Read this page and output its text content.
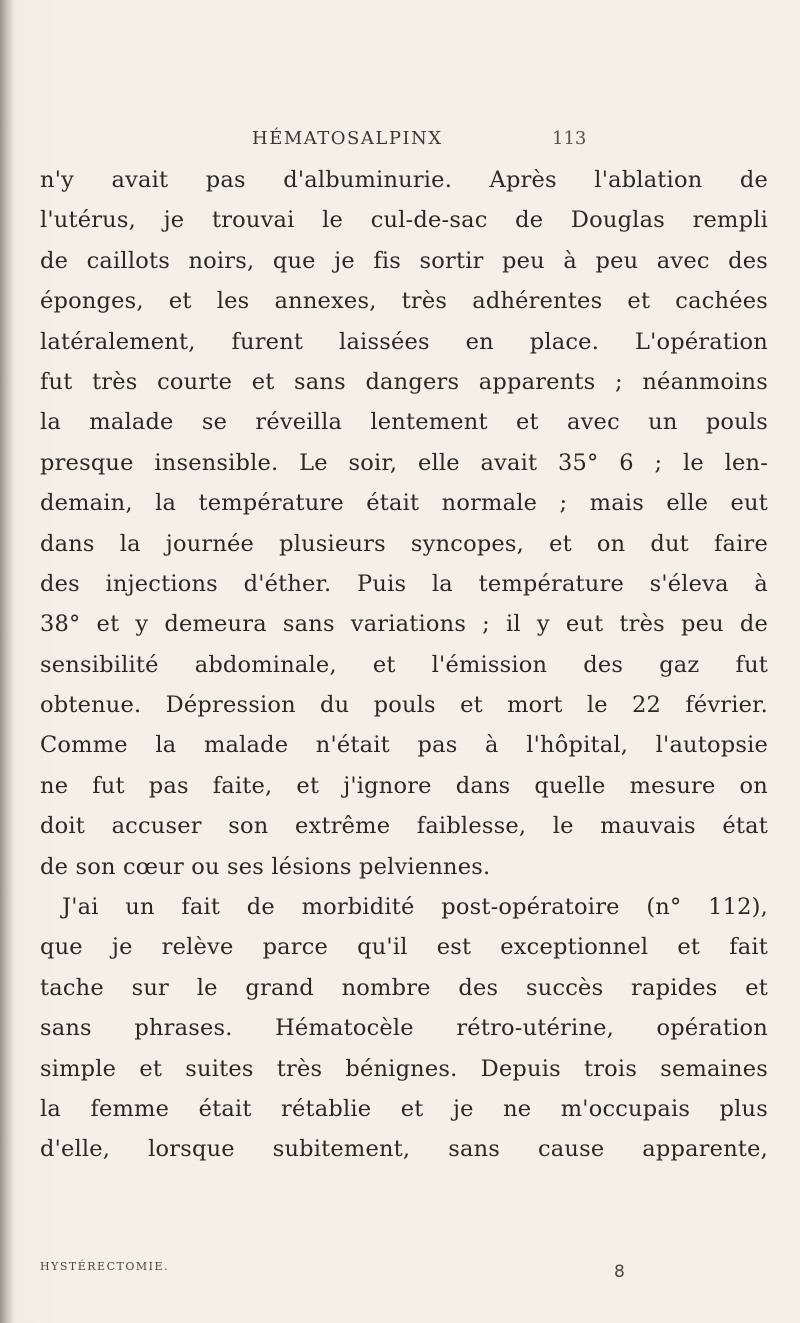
HÉMATOSALPINX	113
n'y avait pas d'albuminurie. Après l'ablation de
l'utérus, je trouvai le cul-de-sac de Douglas rempli
de caillots noirs, que je fis sortir peu à peu avec des
éponges, et les annexes, très adhérentes et cachées
latéralement, furent laissées en place. L'opération
fut très courte et sans dangers apparents ; néanmoins
la malade se réveilla lentement et avec un pouls
presque insensible. Le soir, elle avait 35° 6 ; le len-
demain, la température était normale ; mais elle eut
dans la journée plusieurs syncopes, et on dut faire
des injections d'éther. Puis la température s'éleva à
38° et y demeura sans variations ; il y eut très peu de
sensibilité abdominale, et l'émission des gaz fut
obtenue. Dépression du pouls et mort le 22 février.
Comme la malade n'était pas à l'hôpital, l'autopsie
ne fut pas faite, et j'ignore dans quelle mesure on
doit accuser son extrême faiblesse, le mauvais état
de son cœur ou ses lésions pelviennes.
J'ai un fait de morbidité post-opératoire (n° 112),
que je relève parce qu'il est exceptionnel et fait
tache sur le grand nombre des succès rapides et
sans phrases. Hématocèle rétro-utérine, opération
simple et suites très bénignes. Depuis trois semaines
la femme était rétablie et je ne m'occupais plus
d'elle, lorsque subitement, sans cause apparente,
HYSTÉRECTOMIE.	8
